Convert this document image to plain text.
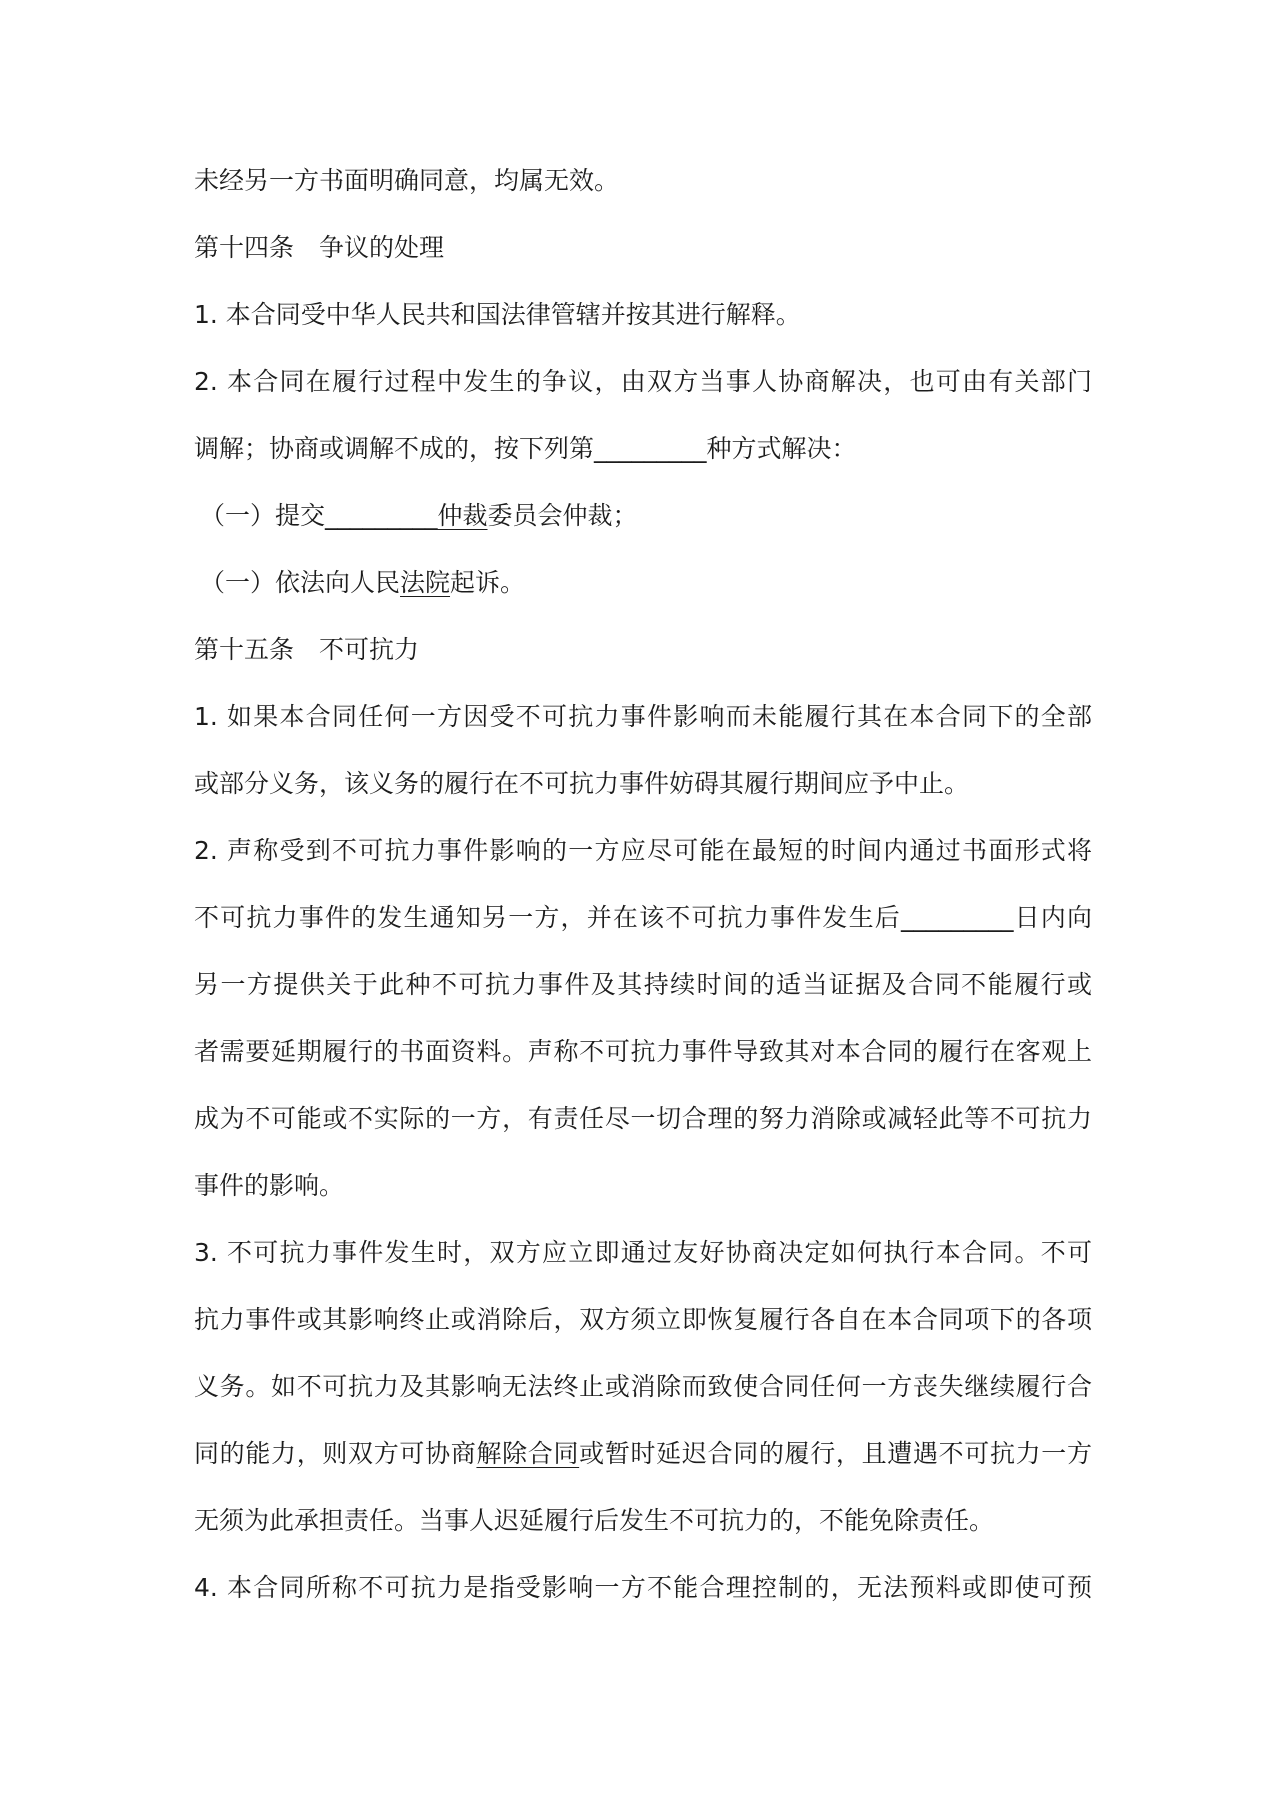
未经另一方书面明确同意，均属无效。

第十四条　争议的处理

1. 本合同受中华人民共和国法律管辖并按其进行解释。

2. 本合同在履行过程中发生的争议，由双方当事人协商解决，也可由有关部门

调解；协商或调解不成的，按下列第_________种方式解决：

（一）提交_________仲裁委员会仲裁；

（一）依法向人民法院起诉。

第十五条　不可抗力

1. 如果本合同任何一方因受不可抗力事件影响而未能履行其在本合同下的全部

或部分义务，该义务的履行在不可抗力事件妨碍其履行期间应予中止。

2. 声称受到不可抗力事件影响的一方应尽可能在最短的时间内通过书面形式将

不可抗力事件的发生通知另一方，并在该不可抗力事件发生后_________日内向

另一方提供关于此种不可抗力事件及其持续时间的适当证据及合同不能履行或

者需要延期履行的书面资料。声称不可抗力事件导致其对本合同的履行在客观上

成为不可能或不实际的一方，有责任尽一切合理的努力消除或减轻此等不可抗力

事件的影响。

3. 不可抗力事件发生时，双方应立即通过友好协商决定如何执行本合同。不可

抗力事件或其影响终止或消除后，双方须立即恢复履行各自在本合同项下的各项

义务。如不可抗力及其影响无法终止或消除而致使合同任何一方丧失继续履行合

同的能力，则双方可协商解除合同或暂时延迟合同的履行，且遭遇不可抗力一方

无须为此承担责任。当事人迟延履行后发生不可抗力的，不能免除责任。

4. 本合同所称不可抗力是指受影响一方不能合理控制的，无法预料或即使可预
